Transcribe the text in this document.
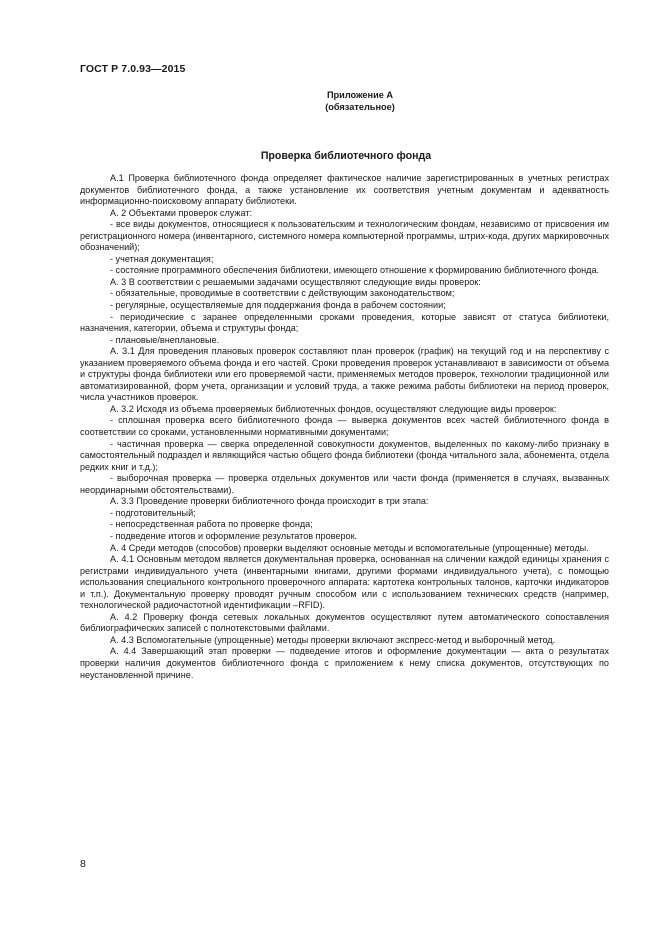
ГОСТ Р 7.0.93—2015
Приложение А
(обязательное)
Проверка библиотечного фонда

А.1 Проверка библиотечного фонда определяет фактическое наличие зарегистрированных в учетных регистрах документов библиотечного фонда, а также установление их соответствия учетным документам и адекватность информационно-поисковому аппарату библиотеки.

А. 2 Объектами проверок служат:

- все виды документов, относящиеся к пользовательским и технологическим фондам, независимо от присвоения им регистрационного номера (инвентарного, системного номера компьютерной программы, штрих-кода, других маркировочных обозначений);

- учетная документация;

- состояние программного обеспечения библиотеки, имеющего отношение к формированию библиотечного фонда.

А. 3 В соответствии с решаемыми задачами осуществляют следующие виды проверок:

- обязательные, проводимые в соответствии с действующим законодательством;

- регулярные, осуществляемые для поддержания фонда в рабочем состоянии;

- периодические с заранее определенными сроками проведения, которые зависят от статуса библиотеки, назначения, категории, объема и структуры фонда;

- плановые/внеплановые.

А. 3.1 Для проведения плановых проверок составляют план проверок (график) на текущий год и на перспективу с указанием проверяемого объема фонда и его частей. Сроки проведения проверок устанавливают в зависимости от объема и структуры фонда библиотеки или его проверяемой части, применяемых методов проверок, технологии традиционной или автоматизированной, форм учета, организации и условий труда, а также режима работы библиотеки на период проверок, числа участников проверок.

А. 3.2 Исходя из объема проверяемых библиотечных фондов, осуществляют следующие виды проверок:

- сплошная проверка всего библиотечного фонда — выверка документов всех частей библиотечного фонда в соответствии со сроками, установленными нормативными документами;

- частичная проверка — сверка определенной совокупности документов, выделенных по какому-либо признаку в самостоятельный подраздел и являющийся частью общего фонда библиотеки (фонда читального зала, абонемента, отдела редких книг и т.д.);

- выборочная проверка — проверка отдельных документов или части фонда (применяется в случаях, вызванных неординарными обстоятельствами).

А. 3.3 Проведение проверки библиотечного фонда происходит в три этапа:

- подготовительный;

- непосредственная работа по проверке фонда;

- подведение итогов и оформление результатов проверок.

А. 4 Среди методов (способов) проверки выделяют основные методы и вспомогательные (упрощенные) методы.

А. 4.1 Основным методом является документальная проверка, основанная на сличении каждой единицы хранения с регистрами индивидуального учета (инвентарными книгами, другими формами индивидуального учета), с помощью использования специального контрольного проверочного аппарата: картотека контрольных талонов, карточки индикаторов и т.п.). Документальную проверку проводят ручным способом или с использованием технических средств (например, технологической радиочастотной идентификации –RFID).

А. 4.2 Проверку фонда сетевых локальных документов осуществляют путем автоматического сопоставления библиографических записей с полнотекстовыми файлами.

А. 4.3 Вспомогательные (упрощенные) методы проверки включают экспресс-метод и выборочный метод.

А. 4.4 Завершающий этап проверки — подведение итогов и оформление документации — акта о результатах проверки наличия документов библиотечного фонда с приложением к нему списка документов, отсутствующих по неустановленной причине.

8
